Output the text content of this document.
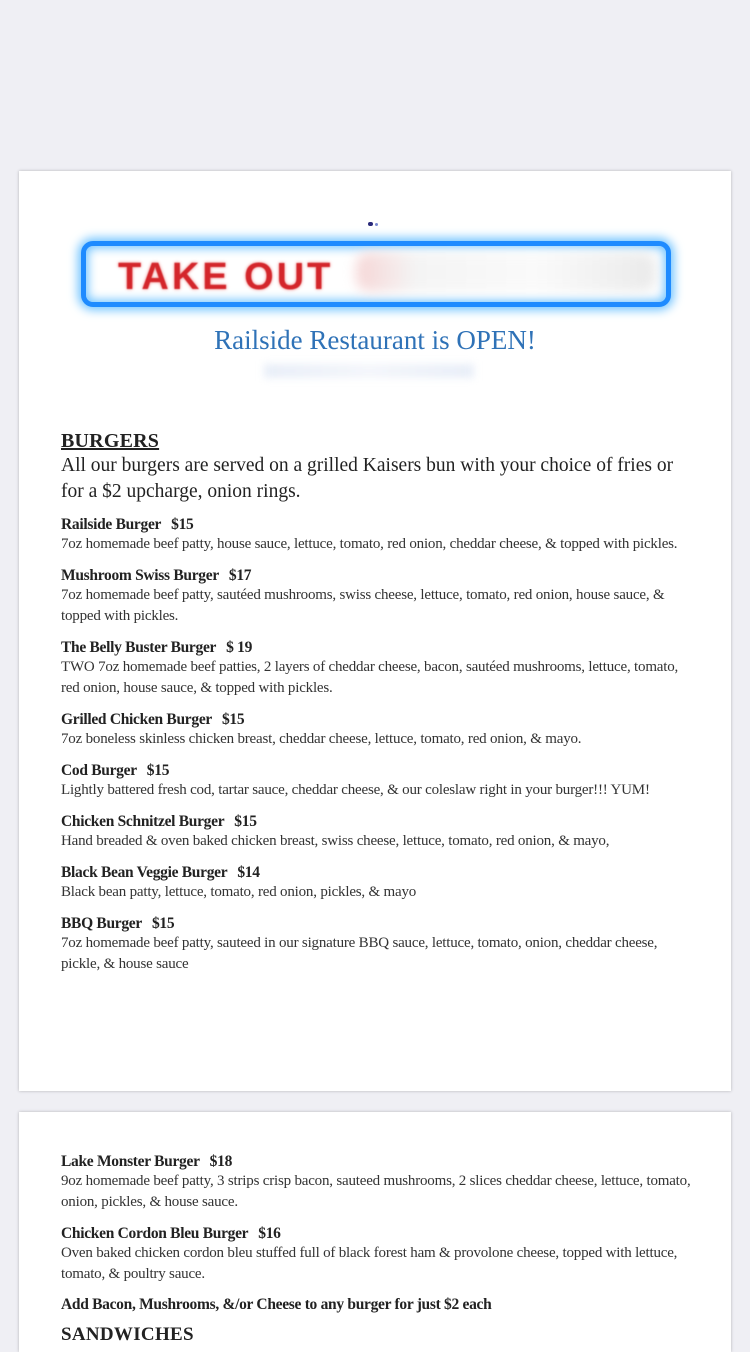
TAKE OUT
Railside Restaurant is OPEN!
BURGERS
All our burgers are served on a grilled Kaisers bun with your choice of fries or for a $2 upcharge, onion rings.
Railside Burger $15
7oz homemade beef patty, house sauce, lettuce, tomato, red onion, cheddar cheese, & topped with pickles.
Mushroom Swiss Burger $17
7oz homemade beef patty, sautéed mushrooms, swiss cheese, lettuce, tomato, red onion, house sauce, & topped with pickles.
The Belly Buster Burger $ 19
TWO 7oz homemade beef patties, 2 layers of cheddar cheese, bacon, sautéed mushrooms, lettuce, tomato, red onion, house sauce, & topped with pickles.
Grilled Chicken Burger $15
7oz boneless skinless chicken breast, cheddar cheese, lettuce, tomato, red onion, & mayo.
Cod Burger $15
Lightly battered fresh cod, tartar sauce, cheddar cheese, & our coleslaw right in your burger!!! YUM!
Chicken Schnitzel Burger $15
Hand breaded & oven baked chicken breast, swiss cheese, lettuce, tomato, red onion, & mayo,
Black Bean Veggie Burger $14
Black bean patty, lettuce, tomato, red onion, pickles, & mayo
BBQ Burger $15
7oz homemade beef patty, sauteed in our signature BBQ sauce, lettuce, tomato, onion, cheddar cheese, pickle, & house sauce
Lake Monster Burger $18
9oz homemade beef patty, 3 strips crisp bacon, sauteed mushrooms, 2 slices cheddar cheese, lettuce, tomato, onion, pickles, & house sauce.
Chicken Cordon Bleu Burger $16
Oven baked chicken cordon bleu stuffed full of black forest ham & provolone cheese, topped with lettuce, tomato, & poultry sauce.
Add Bacon, Mushrooms, &/or Cheese to any burger for just $2 each
SANDWICHES
